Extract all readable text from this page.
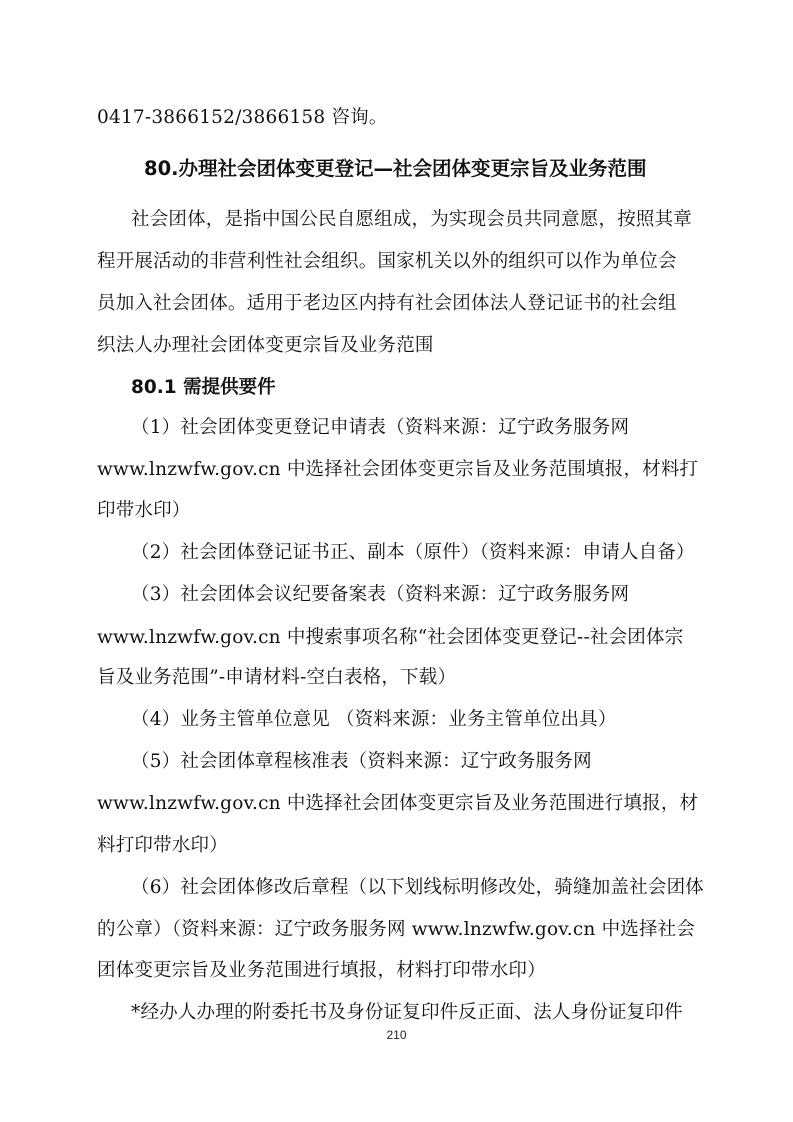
0417-3866152/3866158 咨询。
80.办理社会团体变更登记—社会团体变更宗旨及业务范围
社会团体，是指中国公民自愿组成，为实现会员共同意愿，按照其章
程开展活动的非营利性社会组织。国家机关以外的组织可以作为单位会
员加入社会团体。适用于老边区内持有社会团体法人登记证书的社会组
织法人办理社会团体变更宗旨及业务范围
80.1 需提供要件
（1）社会团体变更登记申请表（资料来源：辽宁政务服务网
www.lnzwfw.gov.cn 中选择社会团体变更宗旨及业务范围填报，材料打
印带水印）
（2）社会团体登记证书正、副本（原件）（资料来源：申请人自备）
（3）社会团体会议纪要备案表（资料来源：辽宁政务服务网
www.lnzwfw.gov.cn 中搜索事项名称“社会团体变更登记--社会团体宗
旨及业务范围”-申请材料-空白表格，下载）
（4）业务主管单位意见 （资料来源：业务主管单位出具）
（5）社会团体章程核准表（资料来源：辽宁政务服务网
www.lnzwfw.gov.cn 中选择社会团体变更宗旨及业务范围进行填报，材
料打印带水印）
（6）社会团体修改后章程（以下划线标明修改处，骑缝加盖社会团体
的公章）（资料来源：辽宁政务服务网 www.lnzwfw.gov.cn 中选择社会
团体变更宗旨及业务范围进行填报，材料打印带水印）
*经办人办理的附委托书及身份证复印件反正面、法人身份证复印件
210
